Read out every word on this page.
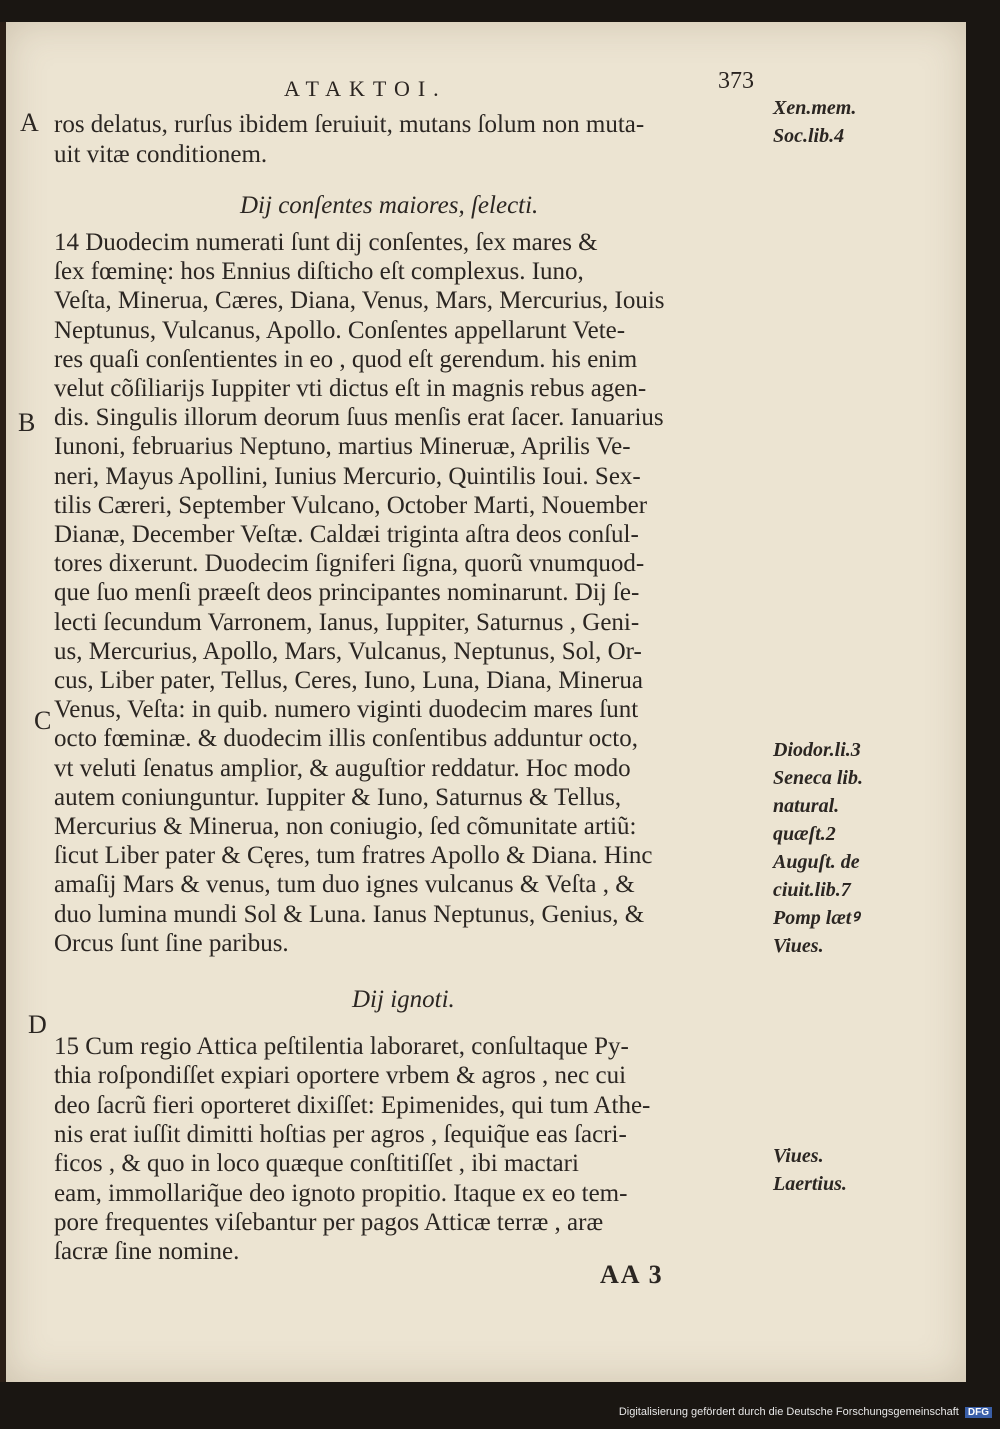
ATAKTOI.	373
A
B
C
D
ros delatus, rurſus ibidem ſeruiuit, mutans ſolum non muta-
uit vitæ conditionem.
Dij conſentes maiores, ſelecti.
14 Duodecim numerati ſunt dij conſentes, ſex mares &
ſex fœminę: hos Ennius diſticho eſt complexus. Iuno,
Veſta, Minerua, Cæres, Diana, Venus, Mars, Mercurius, Iouis
Neptunus, Vulcanus, Apollo. Conſentes appellarunt Vete-
res quaſi conſentientes in eo , quod eſt gerendum. his enim
velut cõſiliarijs Iuppiter vti dictus eſt in magnis rebus agen-
dis. Singulis illorum deorum ſuus menſis erat ſacer. Ianuarius
Iunoni, februarius Neptuno, martius Mineruæ, Aprilis Ve-
neri, Mayus Apollini, Iunius Mercurio, Quintilis Ioui. Sex-
tilis Cæreri, September Vulcano, October Marti, Nouember
Dianæ, December Veſtæ. Caldæi triginta aſtra deos conſul-
tores dixerunt. Duodecim ſigniferi ſigna, quorũ vnumquod-
que ſuo menſi præeſt deos principantes nominarunt. Dij ſe-
lecti ſecundum Varronem, Ianus, Iuppiter, Saturnus , Geni-
us, Mercurius, Apollo, Mars, Vulcanus, Neptunus, Sol, Or-
cus, Liber pater, Tellus, Ceres, Iuno, Luna, Diana, Minerua
Venus, Veſta: in quib. numero viginti duodecim mares ſunt
octo fœminæ. & duodecim illis conſentibus adduntur octo,
vt veluti ſenatus amplior, & auguſtior reddatur. Hoc modo
autem coniunguntur. Iuppiter & Iuno, Saturnus & Tellus,
Mercurius & Minerua, non coniugio, ſed cõmunitate artiũ:
ſicut Liber pater & Cęres, tum fratres Apollo & Diana. Hinc
amaſij Mars & venus, tum duo ignes vulcanus & Veſta , &
duo lumina mundi Sol & Luna. Ianus Neptunus, Genius, &
Orcus ſunt ſine paribus.
Dij ignoti.
15 Cum regio Attica peſtilentia laboraret, conſultaque Py-
thia roſpondiſſet expiari oportere vrbem & agros , nec cui
deo ſacrũ fieri oporteret dixiſſet: Epimenides, qui tum Athe-
nis erat iuſſit dimitti hoſtias per agros , ſequiq̃ue eas ſacri-
ficos , & quo in loco quæque conſtitiſſet , ibi mactari
eam, immollariq̃ue deo ignoto propitio. Itaque ex eo tem-
pore frequentes viſebantur per pagos Atticæ terræ , aræ
ſacræ ſine nomine.
Xen.mem.
Soc.lib.4
Diodor.li.3
Seneca lib.
natural.
quæſt.2
Auguſt. de
ciuit.lib.7
Pomp lætꝰ
Viues.
Viues.
Laertius.
AA 3
Digitalisierung gefördert durch die Deutsche Forschungsgemeinschaft DFG
